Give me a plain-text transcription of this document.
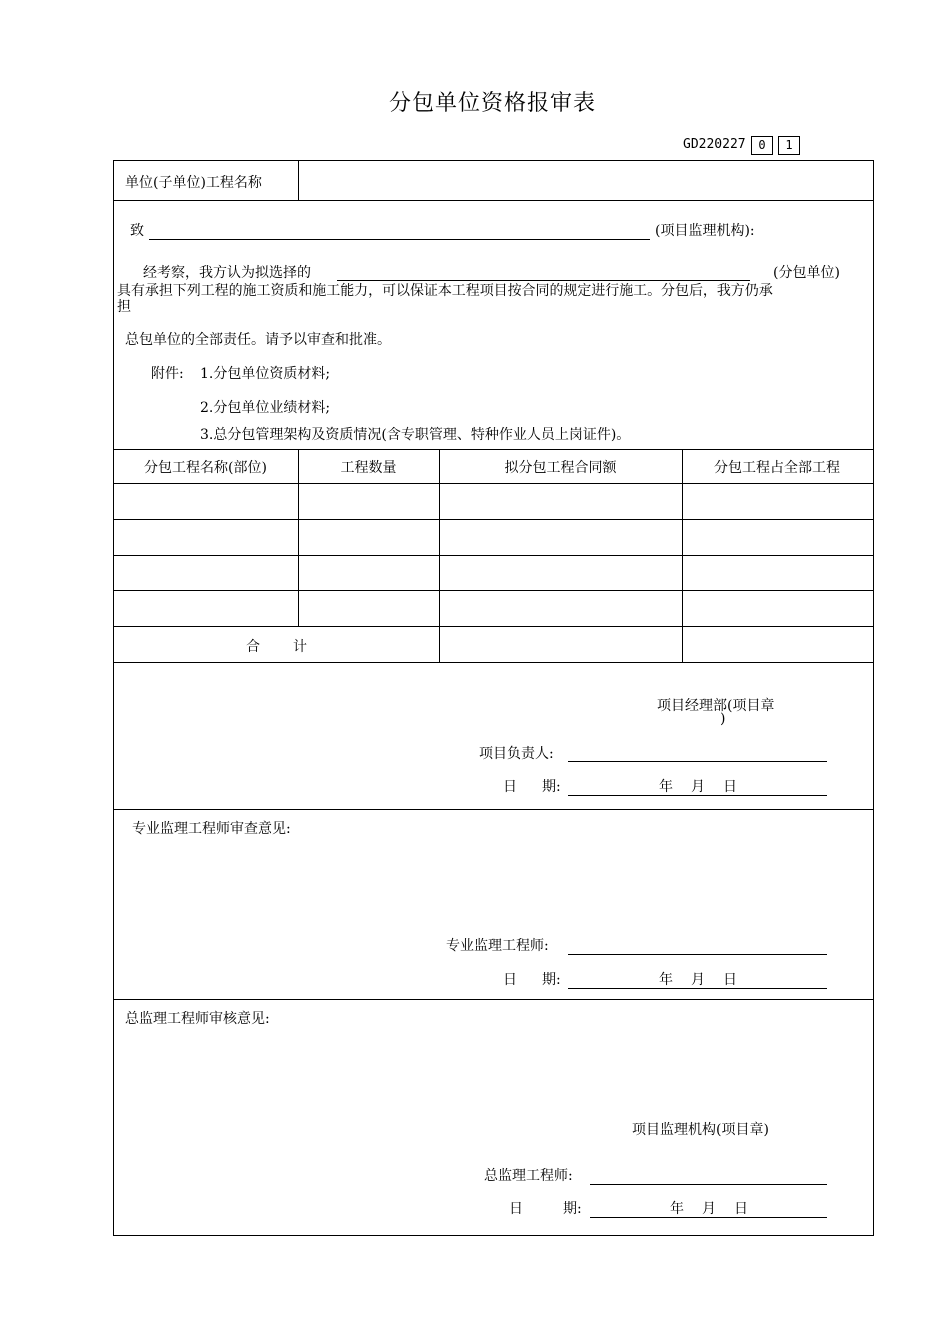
分包单位资格报审表
GD220227	0	1
单位(子单位)工程名称
致	(项目监理机构):
经考察，我方认为拟选择的	(分包单位)
具有承担下列工程的施工资质和施工能力，可以保证本工程项目按合同的规定进行施工。分包后，我方仍承
担
总包单位的全部责任。请予以审查和批准。
附件: 1.分包单位资质材料;
2.分包单位业绩材料;
3.总分包管理架构及资质情况(含专职管理、特种作业人员上岗证件)。
分包工程名称(部位)	工程数量	拟分包工程合同额	分包工程占全部工程
合 计
项目经理部(项目章
)
项目负责人:
日 期:	年 月 日
专业监理工程师审查意见:
专业监理工程师:
日 期:	年 月 日
总监理工程师审核意见:
项目监理机构(项目章)
总监理工程师:
日	期:	年 月 日
